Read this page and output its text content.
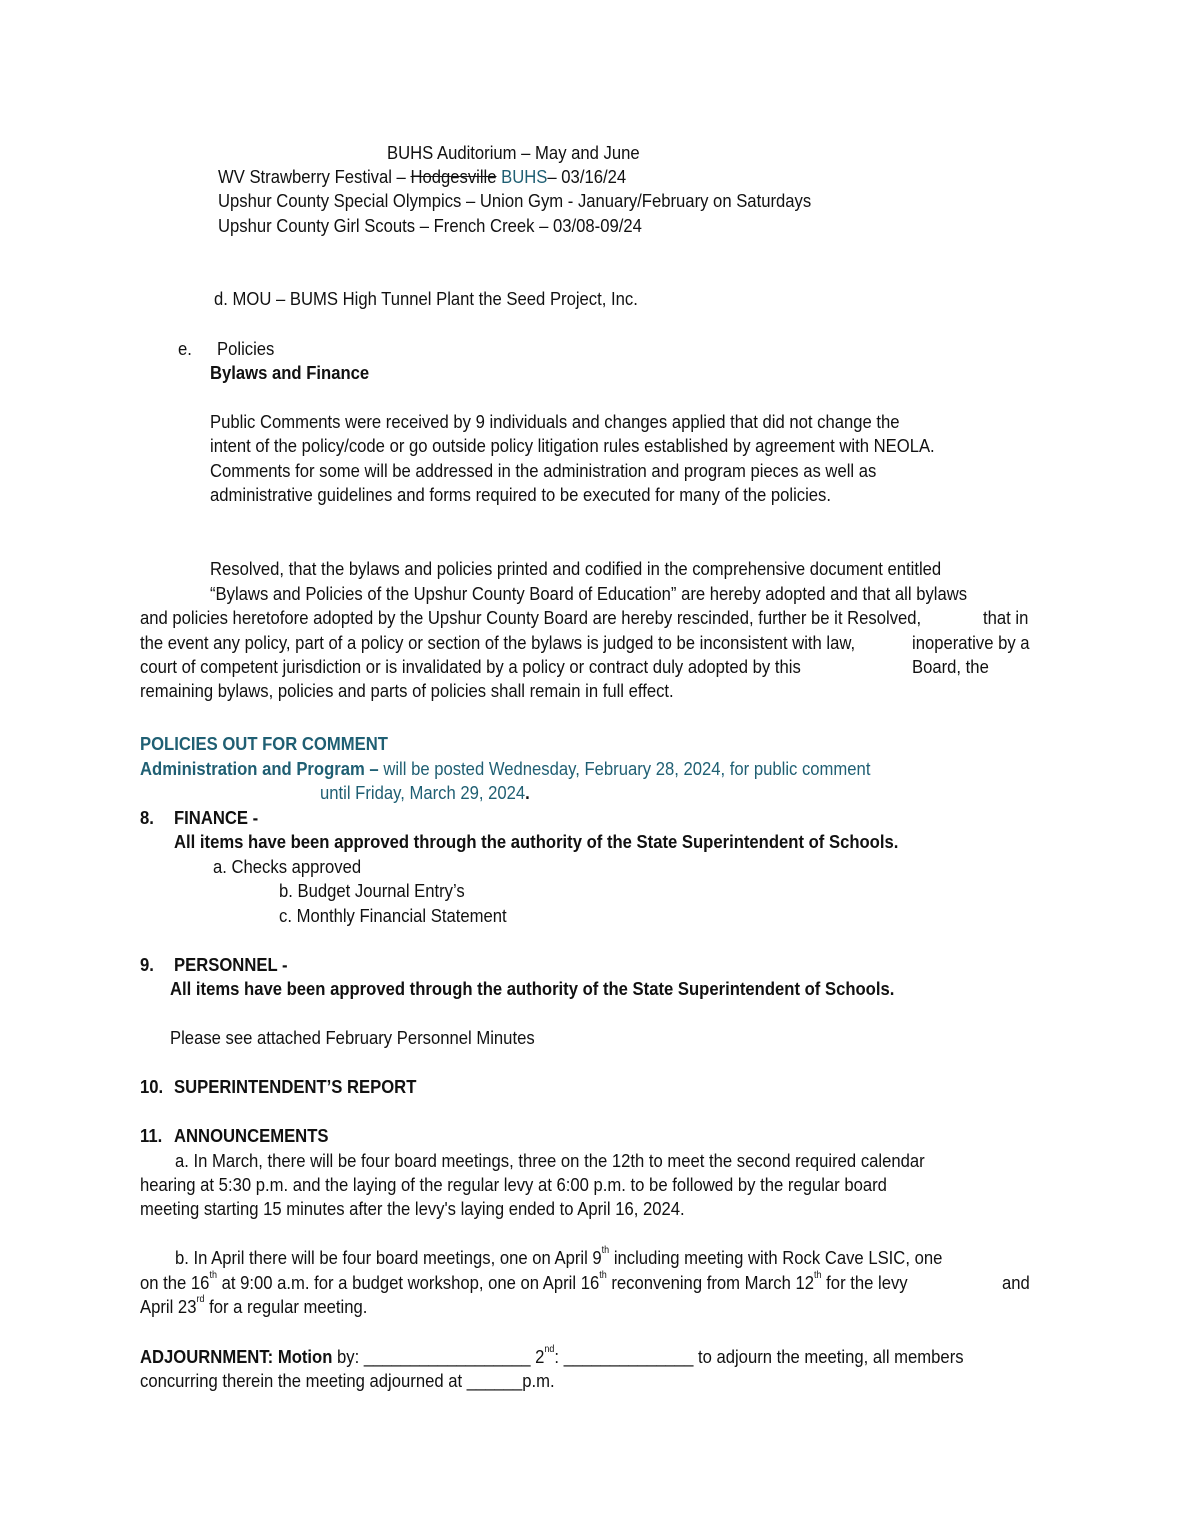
BUHS Auditorium – May and June
WV Strawberry Festival – Hodgesville BUHS– 03/16/24
Upshur County Special Olympics – Union Gym - January/February on Saturdays
Upshur County Girl Scouts – French Creek – 03/08-09/24
d. MOU – BUMS High Tunnel Plant the Seed Project, Inc.
e. Policies
Bylaws and Finance
Public Comments were received by 9 individuals and changes applied that did not change the
intent of the policy/code or go outside policy litigation rules established by agreement with NEOLA.
Comments for some will be addressed in the administration and program pieces as well as
administrative guidelines and forms required to be executed for many of the policies.
Resolved, that the bylaws and policies printed and codified in the comprehensive document entitled
“Bylaws and Policies of the Upshur County Board of Education” are hereby adopted and that all bylaws
and policies heretofore adopted by the Upshur County Board are hereby rescinded, further be it Resolved,	that in
the event any policy, part of a policy or section of the bylaws is judged to be inconsistent with law,	inoperative by a
court of competent jurisdiction or is invalidated by a policy or contract duly adopted by this	Board, the
remaining bylaws, policies and parts of policies shall remain in full effect.
POLICIES OUT FOR COMMENT
Administration and Program – will be posted Wednesday, February 28, 2024, for public comment
until Friday, March 29, 2024.
8. FINANCE -
All items have been approved through the authority of the State Superintendent of Schools.
a. Checks approved
b. Budget Journal Entry’s
c. Monthly Financial Statement
9. PERSONNEL -
All items have been approved through the authority of the State Superintendent of Schools.
Please see attached February Personnel Minutes
10. SUPERINTENDENT’S REPORT
11. ANNOUNCEMENTS
a. In March, there will be four board meetings, three on the 12th to meet the second required calendar
hearing at 5:30 p.m. and the laying of the regular levy at 6:00 p.m. to be followed by the regular board
meeting starting 15 minutes after the levy's laying ended to April 16, 2024.
b. In April there will be four board meetings, one on April 9th including meeting with Rock Cave LSIC, one
on the 16th at 9:00 a.m. for a budget workshop, one on April 16th reconvening from March 12th for the levy	and
April 23rd for a regular meeting.
ADJOURNMENT: Motion by: __________________ 2nd: ______________ to adjourn the meeting, all members
concurring therein the meeting adjourned at ______p.m.
